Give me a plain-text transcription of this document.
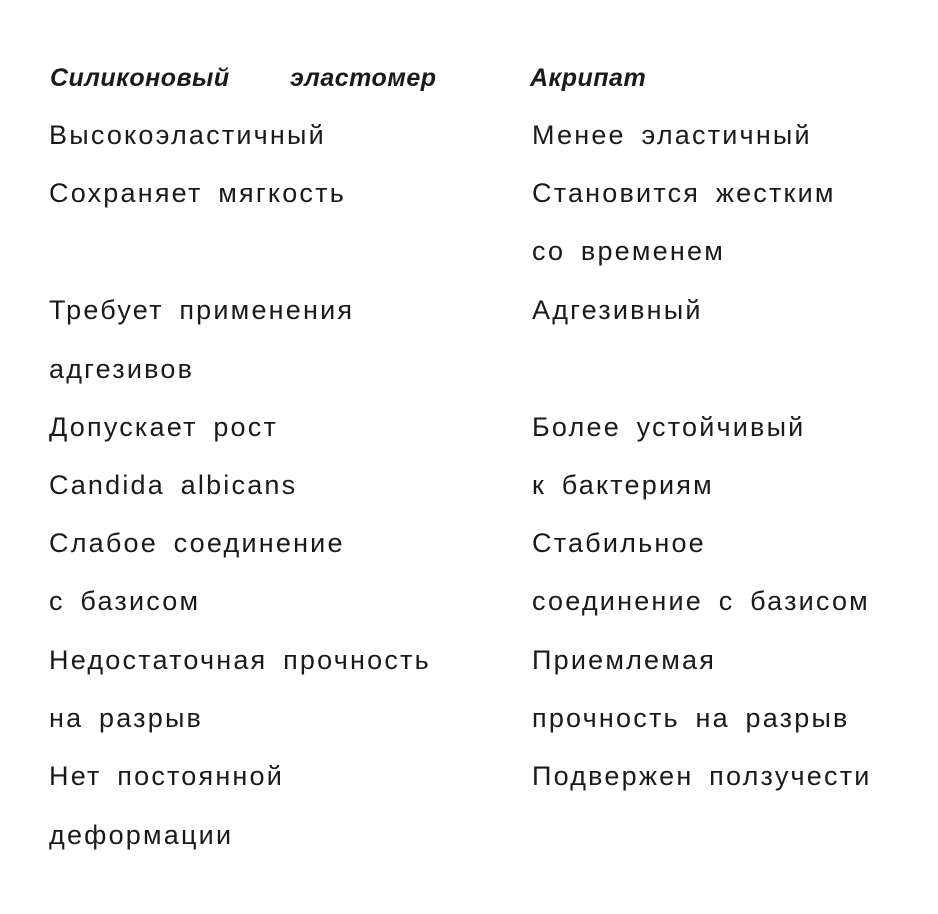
Силиконовый эластомер	Акрипат
Высокоэластичный
Сохраняет мягкость
Требует применения
адгезивов
Допускает рост
Candida albicans
Слабое соединение
с базисом
Недостаточная прочность
на разрыв
Нет постоянной
деформации
Менее эластичный
Становится жестким
со временем
Адгезивный
Более устойчивый
к бактериям
Стабильное
соединение с базисом
Приемлемая
прочность на разрыв
Подвержен ползучести
